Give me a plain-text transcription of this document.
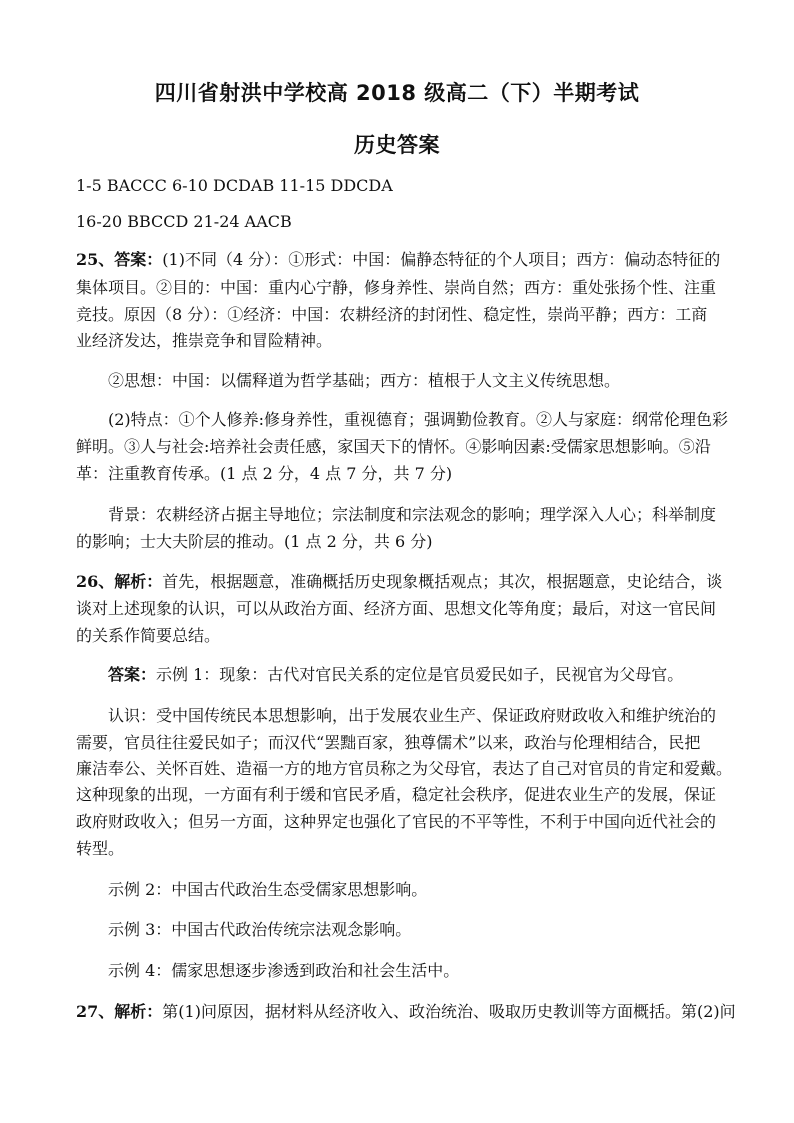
四川省射洪中学校高 2018 级高二（下）半期考试
历史答案

1-5 BACCC 6-10 DCDAB 11-15 DDCDA

16-20 BBCCD 21-24 AACB

25、答案：(1)不同（4 分）：①形式：中国：偏静态特征的个人项目；西方：偏动态特征的

集体项目。②目的：中国：重内心宁静，修身养性、崇尚自然；西方：重处张扬个性、注重

竞技。原因（8 分）：①经济：中国：农耕经济的封闭性、稳定性，崇尚平静；西方：工商

业经济发达，推崇竞争和冒险精神。

②思想：中国：以儒释道为哲学基础；西方：植根于人文主义传统思想。

(2)特点：①个人修养:修身养性，重视德育；强调勤俭教育。②人与家庭：纲常伦理色彩

鲜明。③人与社会:培养社会责任感，家国天下的情怀。④影响因素:受儒家思想影响。⑤沿

革：注重教育传承。(1 点 2 分，4 点 7 分，共 7 分)

背景：农耕经济占据主导地位；宗法制度和宗法观念的影响；理学深入人心；科举制度

的影响；士大夫阶层的推动。(1 点 2 分，共 6 分)

26、解析：首先，根据题意，准确概括历史现象概括观点；其次，根据题意，史论结合，谈

谈对上述现象的认识，可以从政治方面、经济方面、思想文化等角度；最后，对这一官民间

的关系作简要总结。

答案：示例 1：现象：古代对官民关系的定位是官员爱民如子，民视官为父母官。

认识：受中国传统民本思想影响，出于发展农业生产、保证政府财政收入和维护统治的

需要，官员往往爱民如子；而汉代“罢黜百家，独尊儒术”以来，政治与伦理相结合，民把

廉洁奉公、关怀百姓、造福一方的地方官员称之为父母官，表达了自己对官员的肯定和爱戴。

这种现象的出现，一方面有利于缓和官民矛盾，稳定社会秩序，促进农业生产的发展，保证

政府财政收入；但另一方面，这种界定也强化了官民的不平等性，不利于中国向近代社会的

转型。

示例 2：中国古代政治生态受儒家思想影响。

示例 3：中国古代政治传统宗法观念影响。

示例 4：儒家思想逐步渗透到政治和社会生活中。

27、解析：第(1)问原因，据材料从经济收入、政治统治、吸取历史教训等方面概括。第(2)问
